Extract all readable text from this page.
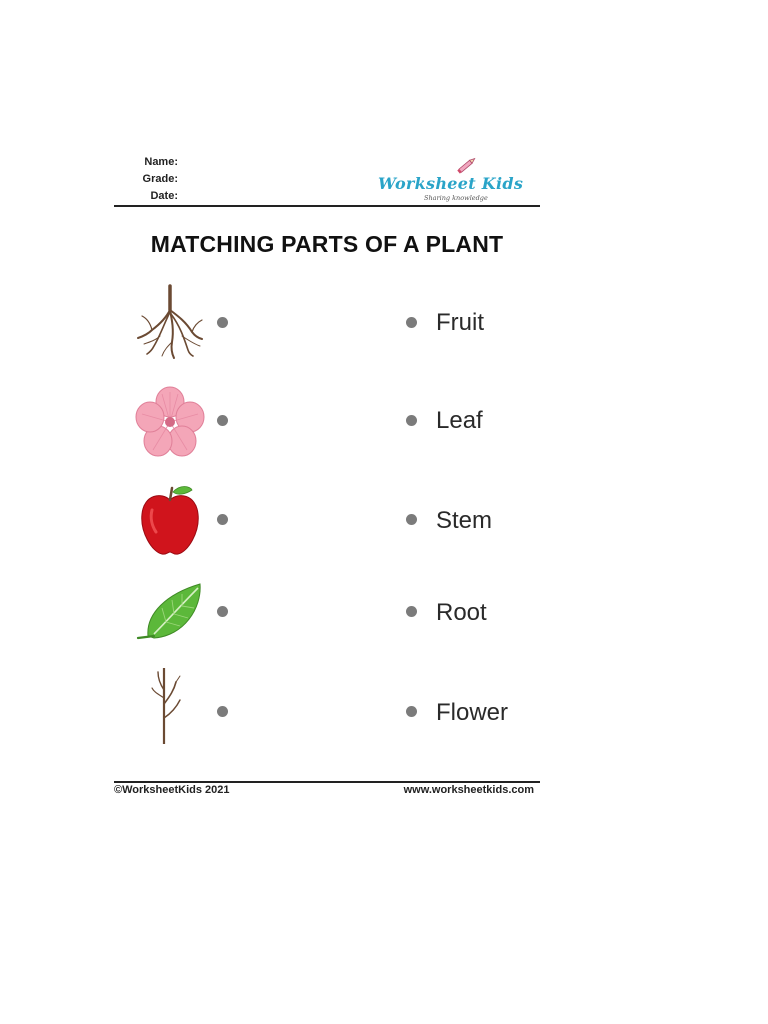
Name:
Grade:
Date:
Worksheet Kids
Sharing knowledge
MATCHING PARTS OF A PLANT
Fruit
Leaf
Stem
Root
Flower
©WorksheetKids 2021	www.worksheetkids.com
